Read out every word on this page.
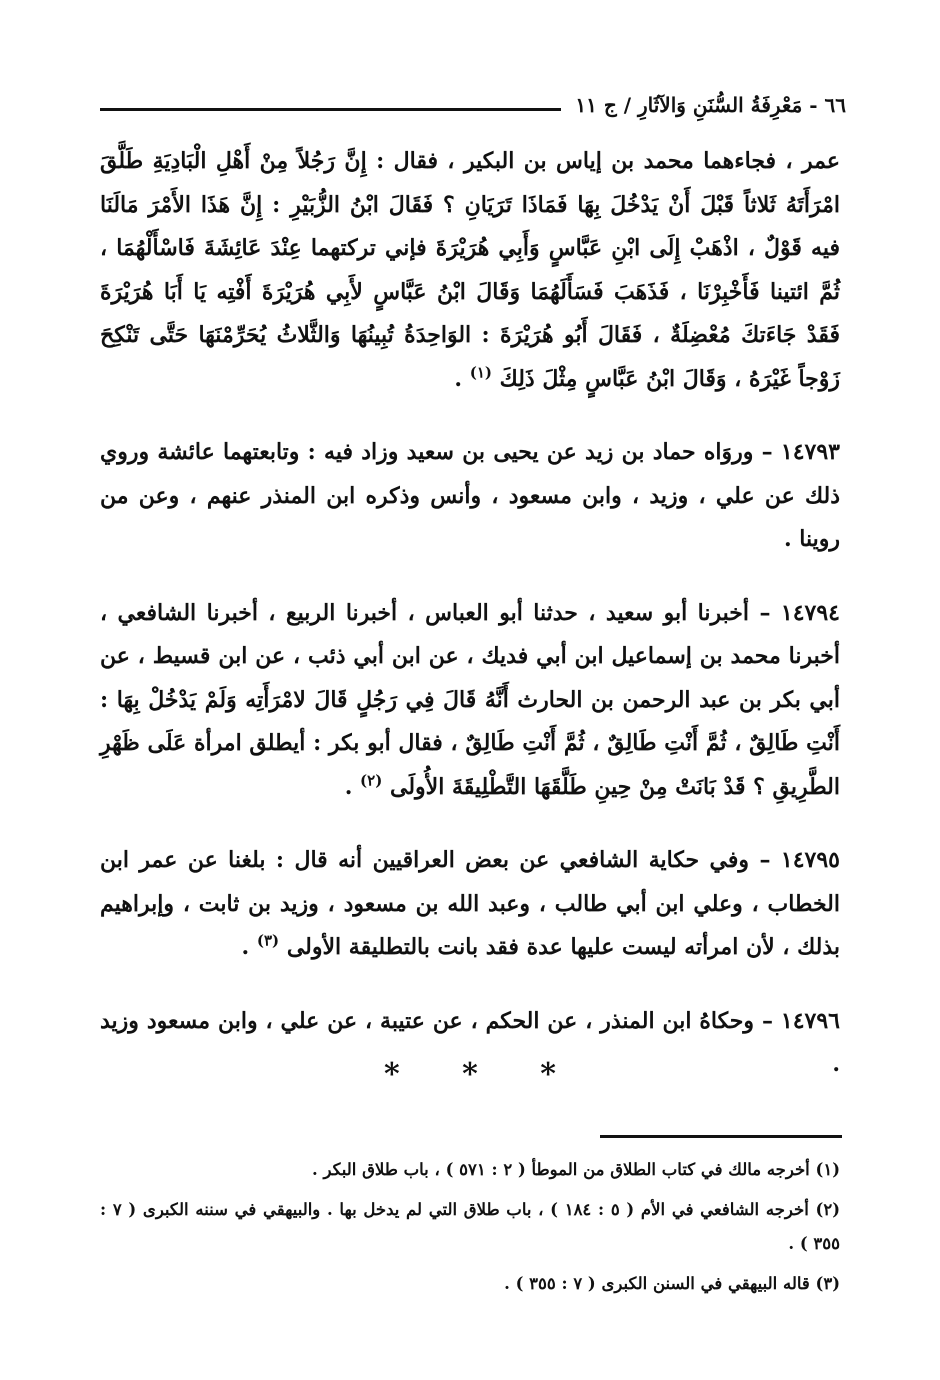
٦٦ - مَعْرِفَةُ السُّنَنِ وَالآثَارِ / ج ١١

عمر ، فجاءهما محمد بن إياس بن البكير ، فقال : إِنَّ رَجُلاً مِنْ أَهْلِ الْبَادِيَةِ طَلَّقَ امْرَأَتَهُ ثَلاثاً قَبْلَ أَنْ يَدْخُلَ بِهَا فَمَاذَا تَرَيَانِ ؟ فَقَالَ ابْنُ الزُّبَيْرِ : إِنَّ هَذَا الأَمْرَ مَالَنَا فيه قَوْلٌ ، اذْهَبْ إِلَى ابْنِ عَبَّاسٍ وَأَبِي هُرَيْرَةَ فإني تركتهما عِنْدَ عَائِشَةَ فَاسْأَلْهُمَا ، ثُمَّ ائتينا فَأَخْبِرْنَا ، فَذَهَبَ فَسَأَلَهُمَا وَقَالَ ابْنُ عَبَّاسٍ لأَبِي هُرَيْرَةَ أَفْتِه يَا أَبَا هُرَيْرَةَ فَقَدْ جَاءَتكَ مُعْضِلَةٌ ، فَقَالَ أَبُو هُرَيْرَةَ : الوَاحِدَةُ تُبِينُهَا وَالثَّلاثُ يُحَرِّمْنَهَا حَتَّى تَنْكِحَ زَوْجاً غَيْرَهُ ، وَقَالَ ابْنُ عَبَّاسٍ مِثْلَ ذَلِكَ $^{(١)}$ .

١٤٧٩٣ – وروَاه حماد بن زيد عن يحيى بن سعيد وزاد فيه : وتابعتهما عائشة وروي ذلك عن علي ، وزيد ، وابن مسعود ، وأنس وذكره ابن المنذر عنهم ، وعن من روينا .

١٤٧٩٤ – أخبرنا أبو سعيد ، حدثنا أبو العباس ، أخبرنا الربيع ، أخبرنا الشافعي ، أخبرنا محمد بن إسماعيل ابن أبي فديك ، عن ابن أبي ذئب ، عن ابن قسيط ، عن أبي بكر بن عبد الرحمن بن الحارث أَنَّهُ قَالَ فِي رَجُلٍ قَالَ لامْرَأَتِه وَلَمْ يَدْخُلْ بِهَا : أَنْتِ طَالِقٌ ، ثُمَّ أَنْتِ طَالِقٌ ، ثُمَّ أَنْتِ طَالِقٌ ، فقال أبو بكر : أيطلق امرأة عَلَى ظَهْرِ الطَّرِيقِ ؟ قَدْ بَانَتْ مِنْ حِينِ طَلَّقَهَا التَّطْلِيقَةَ الأُولَى $^{(٢)}$ .

١٤٧٩٥ – وفي حكاية الشافعي عن بعض العراقيين أنه قال : بلغنا عن عمر ابن الخطاب ، وعلي ابن أبي طالب ، وعبد الله بن مسعود ، وزيد بن ثابت ، وإبراهيم بذلك ، لأن امرأته ليست عليها عدة فقد بانت بالتطليقة الأولى $^{(٣)}$ .

١٤٧٩٦ – وحكاهُ ابن المنذر ، عن الحكم ، عن عتيبة ، عن علي ، وابن مسعود وزيد .

* * *

(١) أخرجه مالك في كتاب الطلاق من الموطأ ( ٢ : ٥٧١ ) ، باب طلاق البكر .

(٢) أخرجه الشافعي في الأم ( ٥ : ١٨٤ ) ، باب طلاق التي لم يدخل بها . والبيهقي في سننه الكبرى ( ٧ : ٣٥٥ ) .

(٣) قاله البيهقي في السنن الكبرى ( ٧ : ٣٥٥ ) .
